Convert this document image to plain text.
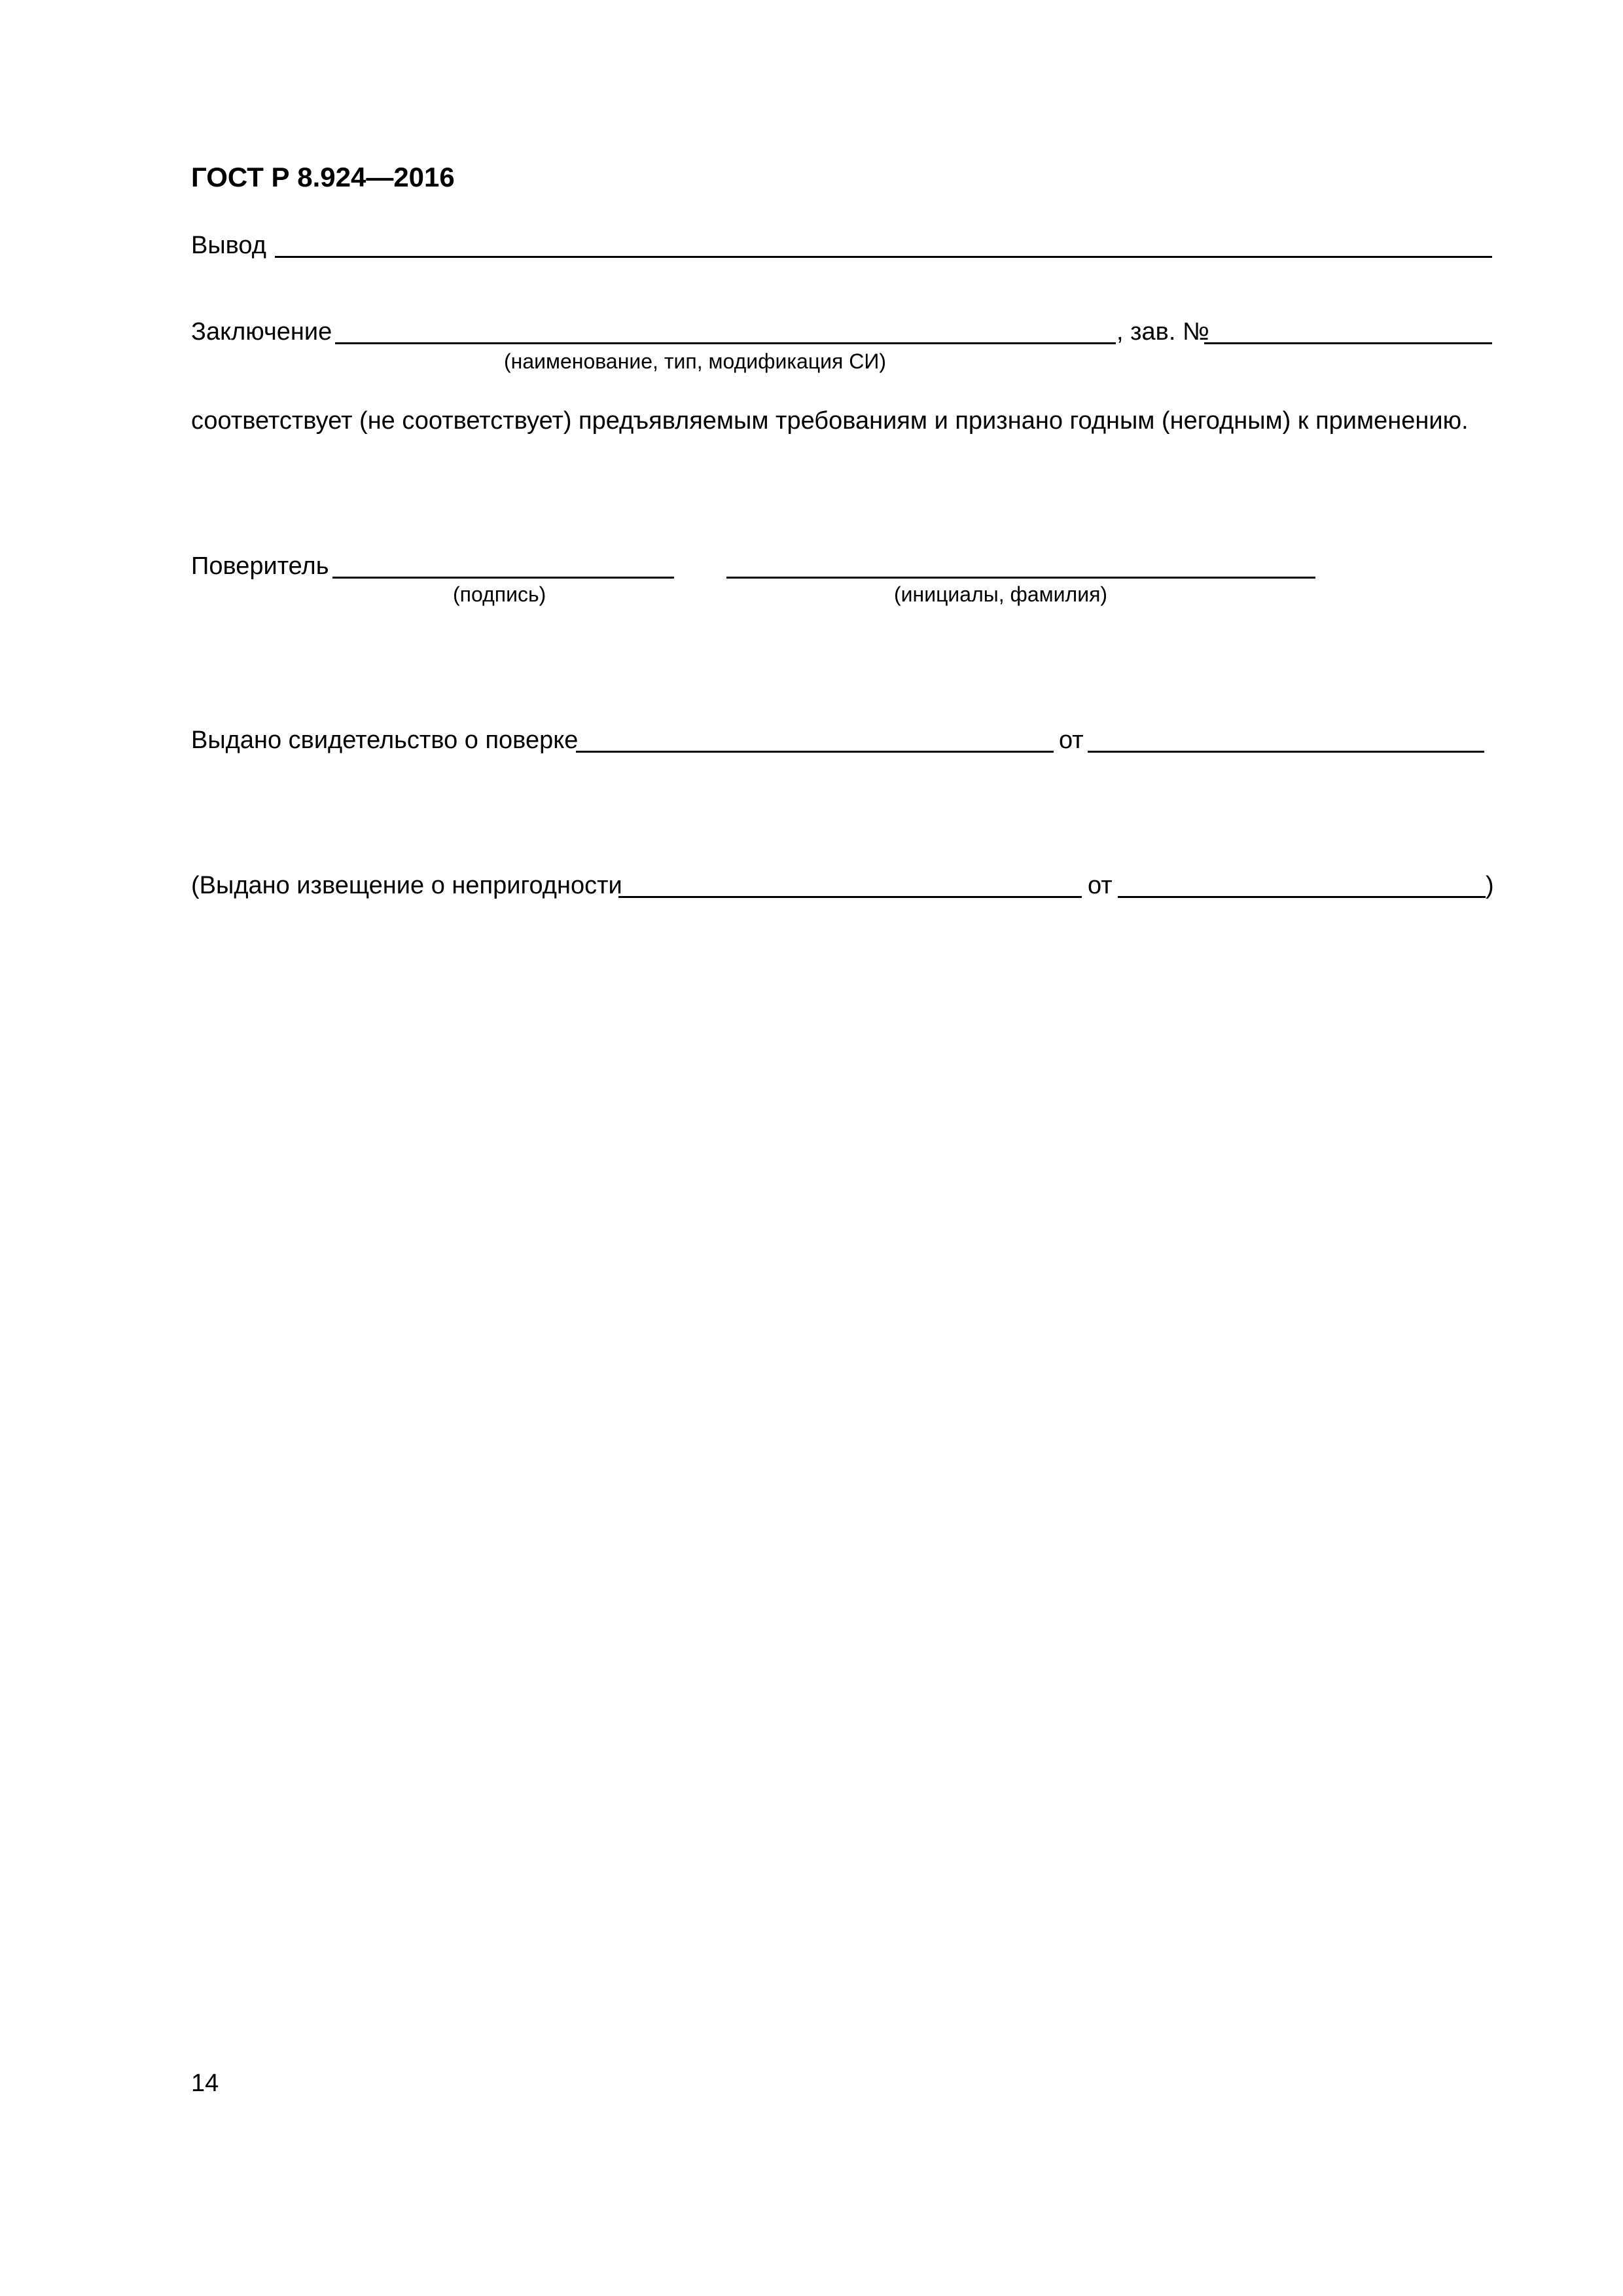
ГОСТ Р 8.924—2016
Вывод
Заключение	, зав. №
(наименование, тип, модификация СИ)
соответствует (не соответствует) предъявляемым требованиям и признано годным (негодным) к применению.
Поверитель
(подпись)	(инициалы, фамилия)
Выдано свидетельство о поверке	от
(Выдано извещение о непригодности	от	)
14
